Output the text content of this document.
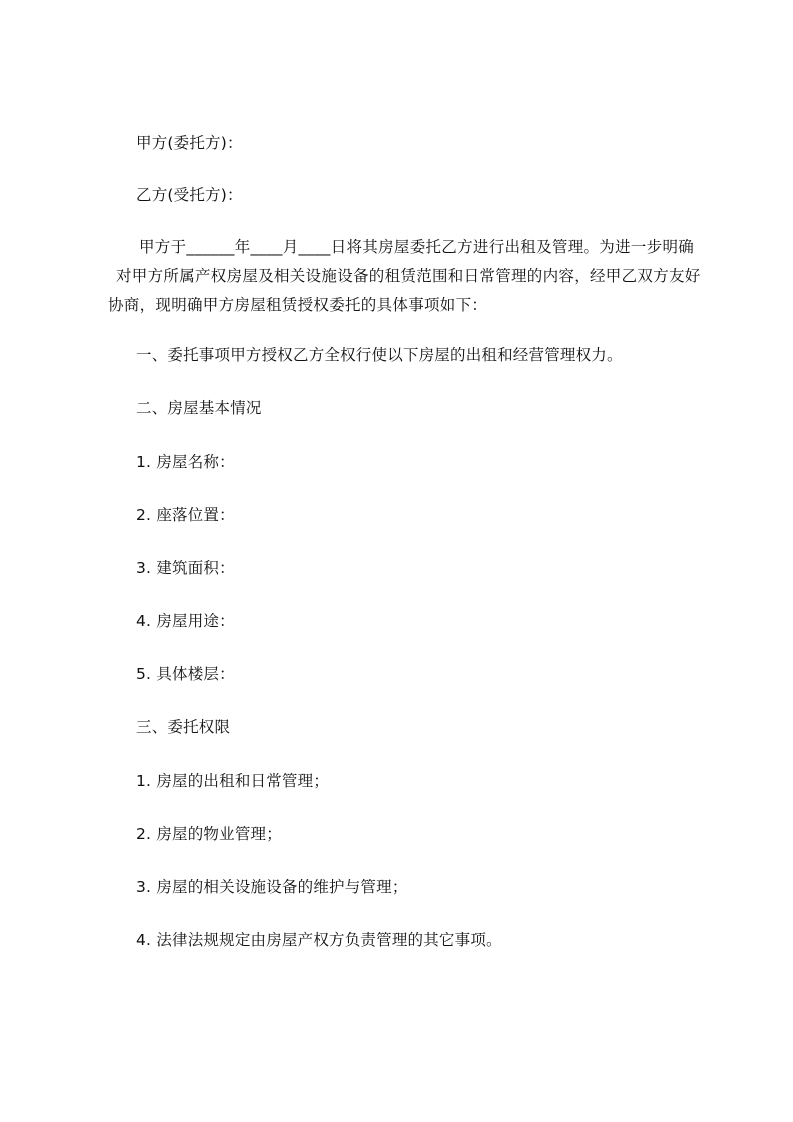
甲方(委托方)：
乙方(受托方)：
甲方于______年____月____日将其房屋委托乙方进行出租及管理。为进一步明确
对甲方所属产权房屋及相关设施设备的租赁范围和日常管理的内容，经甲乙双方友好
协商，现明确甲方房屋租赁授权委托的具体事项如下：
一、委托事项甲方授权乙方全权行使以下房屋的出租和经营管理权力。
二、房屋基本情况
1. 房屋名称：
2. 座落位置：
3. 建筑面积：
4. 房屋用途：
5. 具体楼层：
三、委托权限
1. 房屋的出租和日常管理；
2. 房屋的物业管理；
3. 房屋的相关设施设备的维护与管理；
4. 法律法规规定由房屋产权方负责管理的其它事项。
